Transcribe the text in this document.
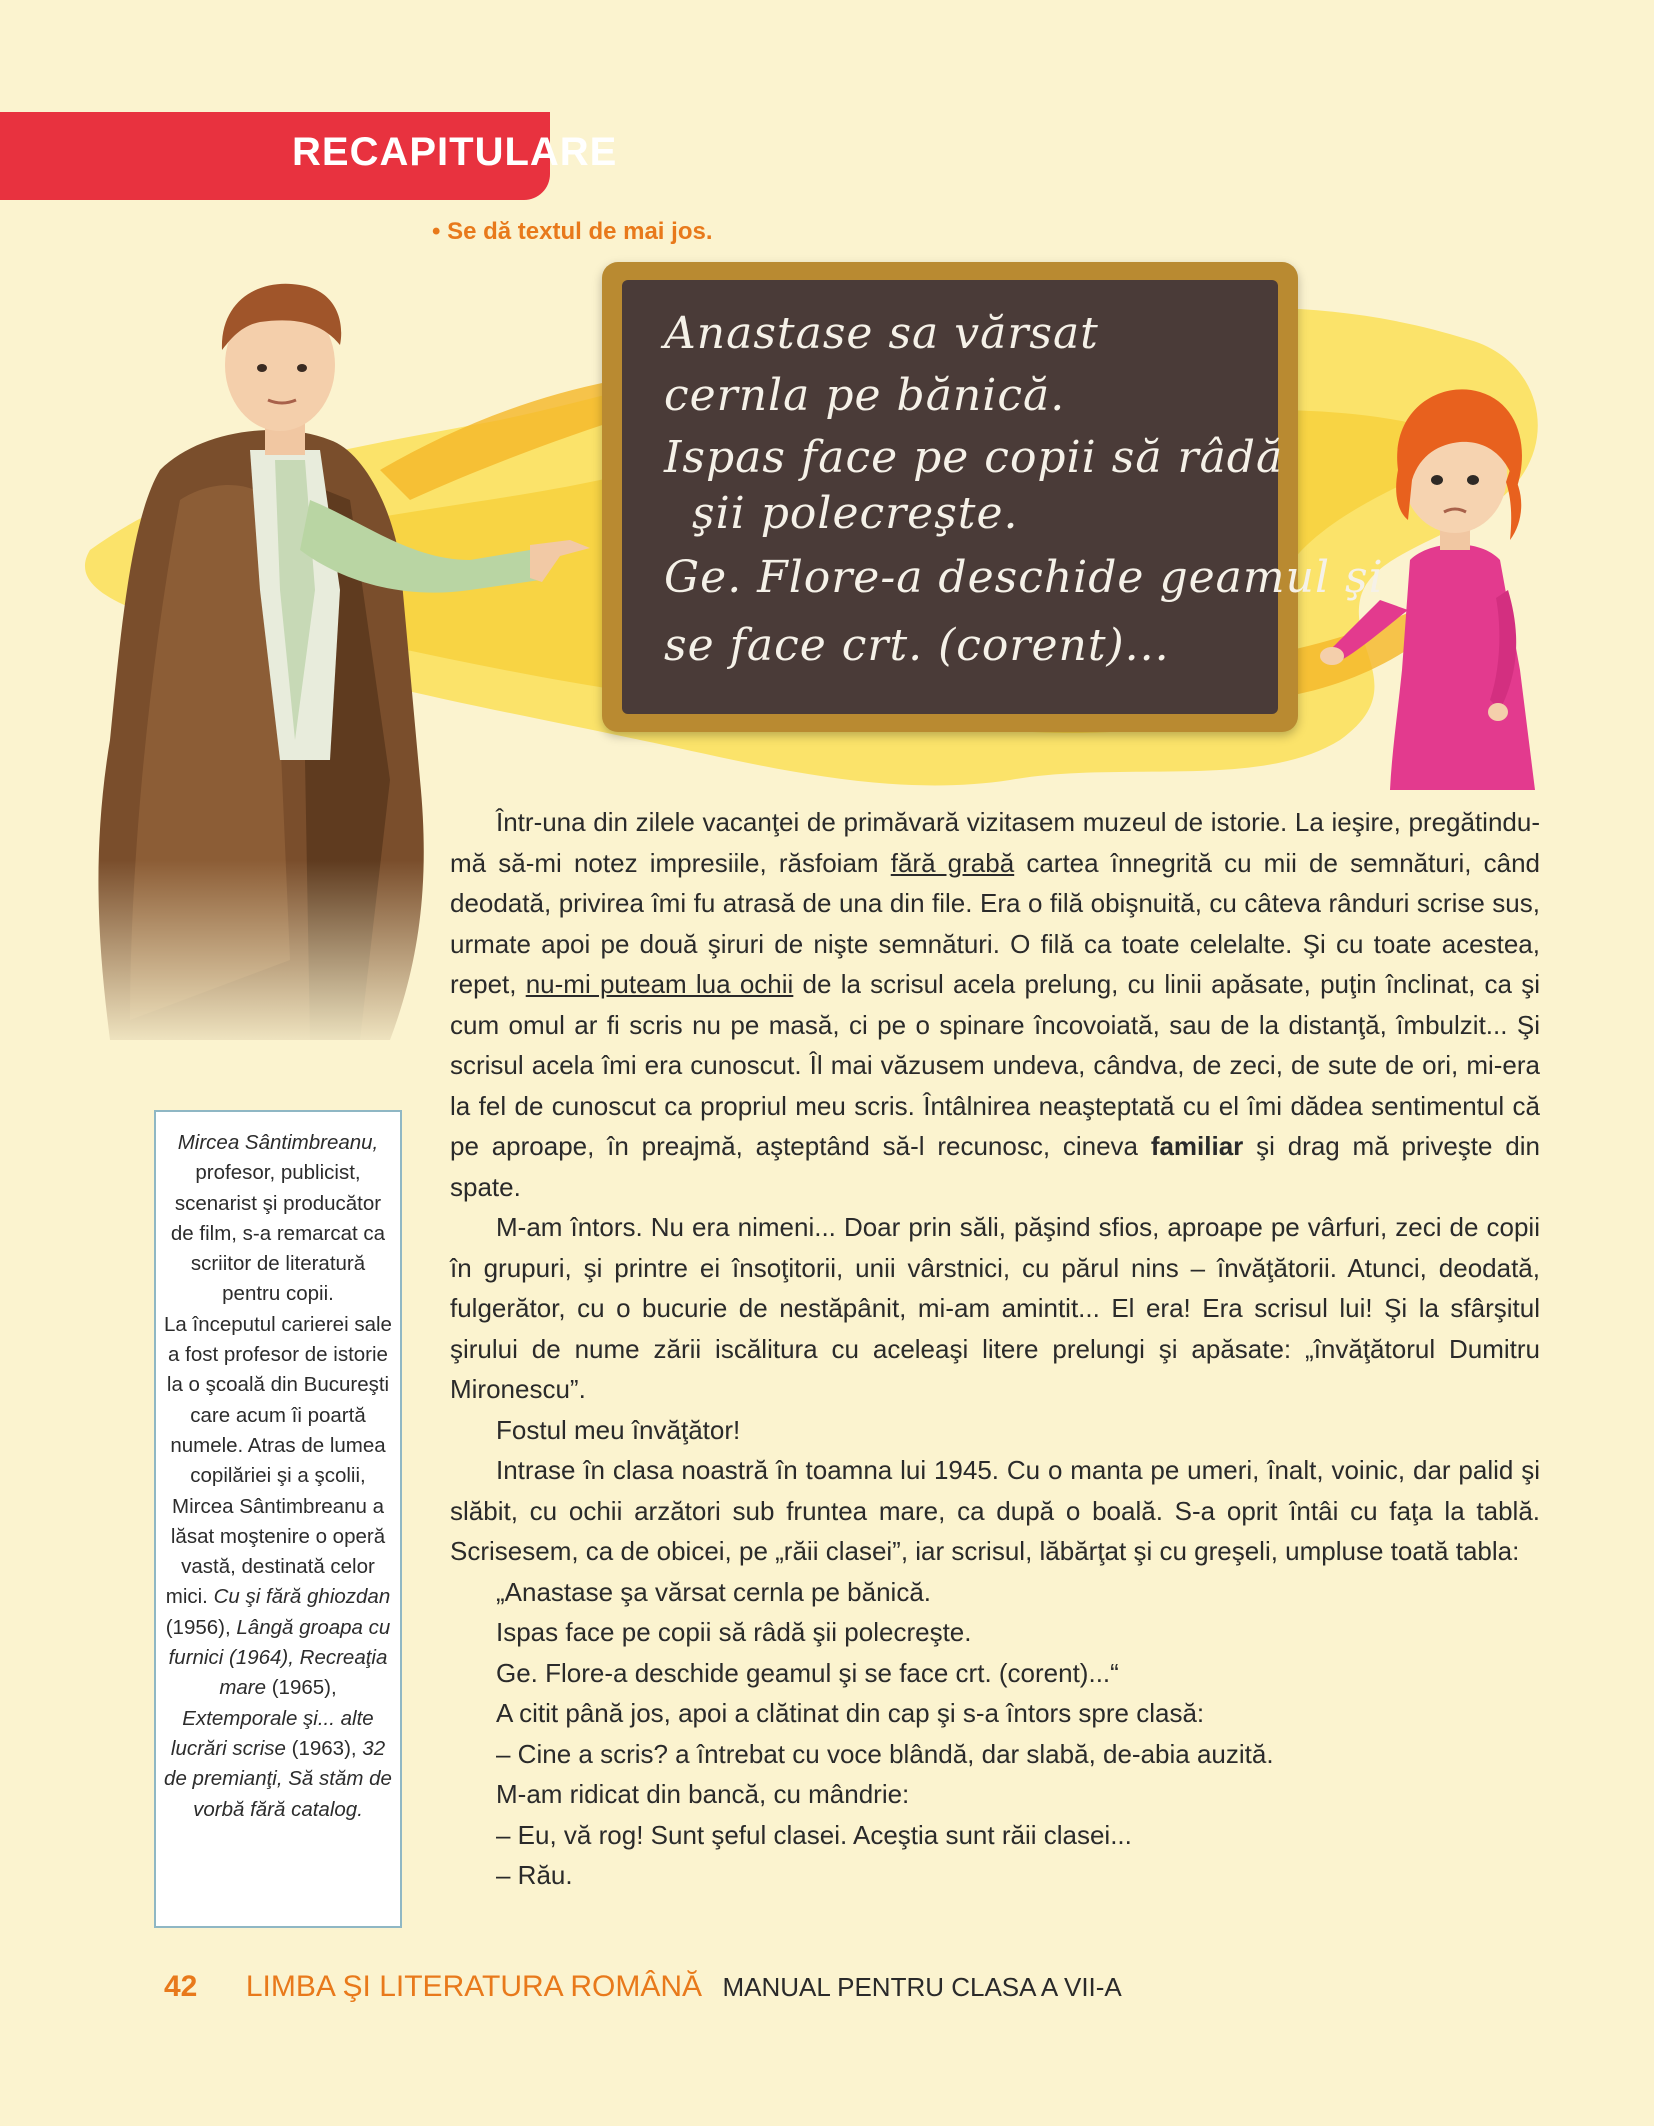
RECAPITULARE
• Se dă textul de mai jos.
Anastase sa vărsat
cernla pe bănică.
Ispas face pe copii să râdă
şii polecreşte.
Ge. Flore-a deschide geamul şi
se face crt. (corent)...
Mircea Sântimbreanu, profesor, publicist, scenarist şi producător de film, s-a remarcat ca scriitor de literatură pentru copii.
La începutul carierei sale a fost profesor de istorie la o şcoală din Bucureşti care acum îi poartă numele. Atras de lumea copilăriei şi a şcolii, Mircea Sântimbreanu a lăsat moştenire o operă vastă, destinată celor mici. Cu şi fără ghiozdan (1956), Lângă groapa cu furnici (1964), Recreaţia mare (1965), Extemporale şi... alte lucrări scrise (1963), 32 de premianţi, Să stăm de vorbă fără catalog.

Într-una din zilele vacanţei de primăvară vizitasem muzeul de istorie. La ieşire, pregătindu-mă să-mi notez impresiile, răsfoiam fără grabă cartea înnegrită cu mii de semnături, când deodată, privirea îmi fu atrasă de una din file. Era o filă obişnuită, cu câteva rânduri scrise sus, urmate apoi pe două şiruri de nişte semnături. O filă ca toate celelalte. Şi cu toate acestea, repet, nu-mi puteam lua ochii de la scrisul acela prelung, cu linii apăsate, puţin înclinat, ca şi cum omul ar fi scris nu pe masă, ci pe o spinare încovoiată, sau de la distanţă, îmbulzit... Şi scrisul acela îmi era cunoscut. Îl mai văzusem undeva, cândva, de zeci, de sute de ori, mi-era la fel de cunoscut ca propriul meu scris. Întâlnirea neaşteptată cu el îmi dădea sentimentul că pe aproape, în preajmă, aşteptând să-l recunosc, cineva familiar şi drag mă priveşte din spate.

M-am întors. Nu era nimeni... Doar prin săli, păşind sfios, aproape pe vârfuri, zeci de copii în grupuri, şi printre ei însoţitorii, unii vârstnici, cu părul nins – învăţătorii. Atunci, deodată, fulgerător, cu o bucurie de nestăpânit, mi-am amintit... El era! Era scrisul lui! Şi la sfârşitul şirului de nume zării iscălitura cu aceleaşi litere prelungi şi apăsate: „învăţătorul Dumitru Mironescu”.

Fostul meu învăţător!

Intrase în clasa noastră în toamna lui 1945. Cu o manta pe umeri, înalt, voinic, dar palid şi slăbit, cu ochii arzători sub fruntea mare, ca după o boală. S-a oprit întâi cu faţa la tablă. Scrisesem, ca de obicei, pe „răii clasei”, iar scrisul, lăbărţat şi cu greşeli, umpluse toată tabla:

„Anastase şa vărsat cernla pe bănică.

Ispas face pe copii să râdă şii polecreşte.

Ge. Flore-a deschide geamul şi se face crt. (corent)...“

A citit până jos, apoi a clătinat din cap şi s-a întors spre clasă:

– Cine a scris? a întrebat cu voce blândă, dar slabă, de-abia auzită.

M-am ridicat din bancă, cu mândrie:

– Eu, vă rog! Sunt şeful clasei. Aceştia sunt răii clasei...

– Rău.

42 LIMBA ŞI LITERATURA ROMÂNĂ MANUAL PENTRU CLASA A VII-A
